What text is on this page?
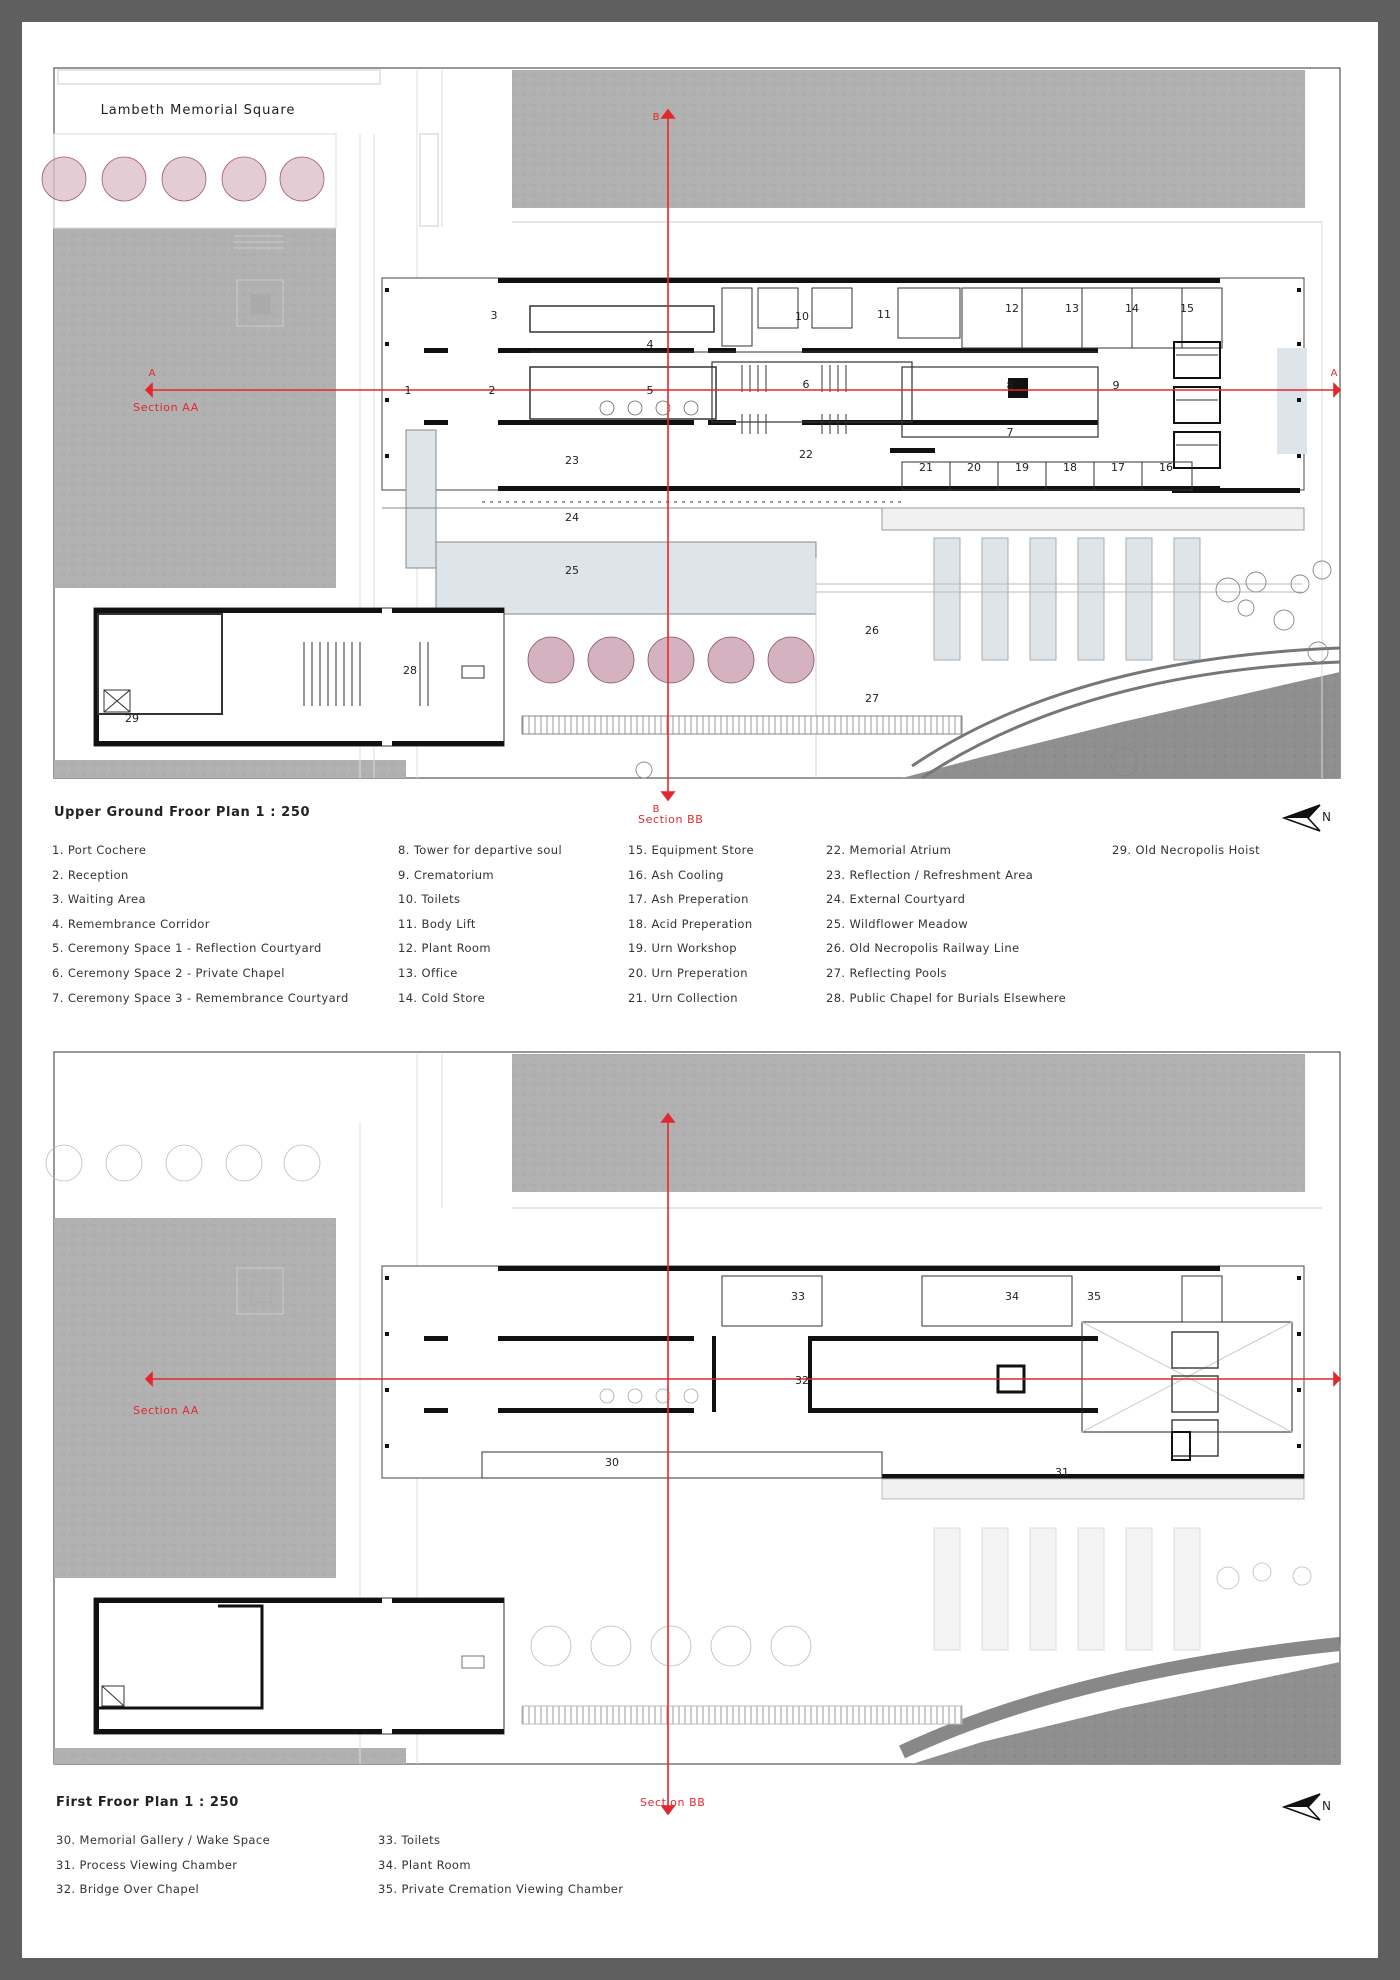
Lambeth Memorial Square
A	A
Section AA
B
B
1	2
3
4
5	6
7
8	9
10	11	12	13	14	15
16
17
18
19
20
21
22
23
24
25
26
27
28
29
Section BB
Upper Ground Froor Plan 1 : 250	N
1. Port Cochere
2. Reception
3. Waiting Area
4. Remembrance Corridor
5. Ceremony Space 1 - Reflection Courtyard
6. Ceremony Space 2 - Private Chapel
7. Ceremony Space 3 - Remembrance Courtyard
8. Tower for departive soul
9. Crematorium
10. Toilets
11. Body Lift
12. Plant Room
13. Office
14. Cold Store
15. Equipment Store
16. Ash Cooling
17. Ash Preperation
18. Acid Preperation
19. Urn Workshop
20. Urn Preperation
21. Urn Collection
22. Memorial Atrium
23. Reflection / Refreshment Area
24. External Courtyard
25. Wildflower Meadow
26. Old Necropolis Railway Line
27. Reflecting Pools
28. Public Chapel for Burials Elsewhere
29. Old Necropolis Hoist
Section AA
30
31
32
33	34	35
Section BB
First Froor Plan 1 : 250	N
30. Memorial Gallery / Wake Space
31. Process Viewing Chamber
32. Bridge Over Chapel
33. Toilets
34. Plant Room
35. Private Cremation Viewing Chamber
